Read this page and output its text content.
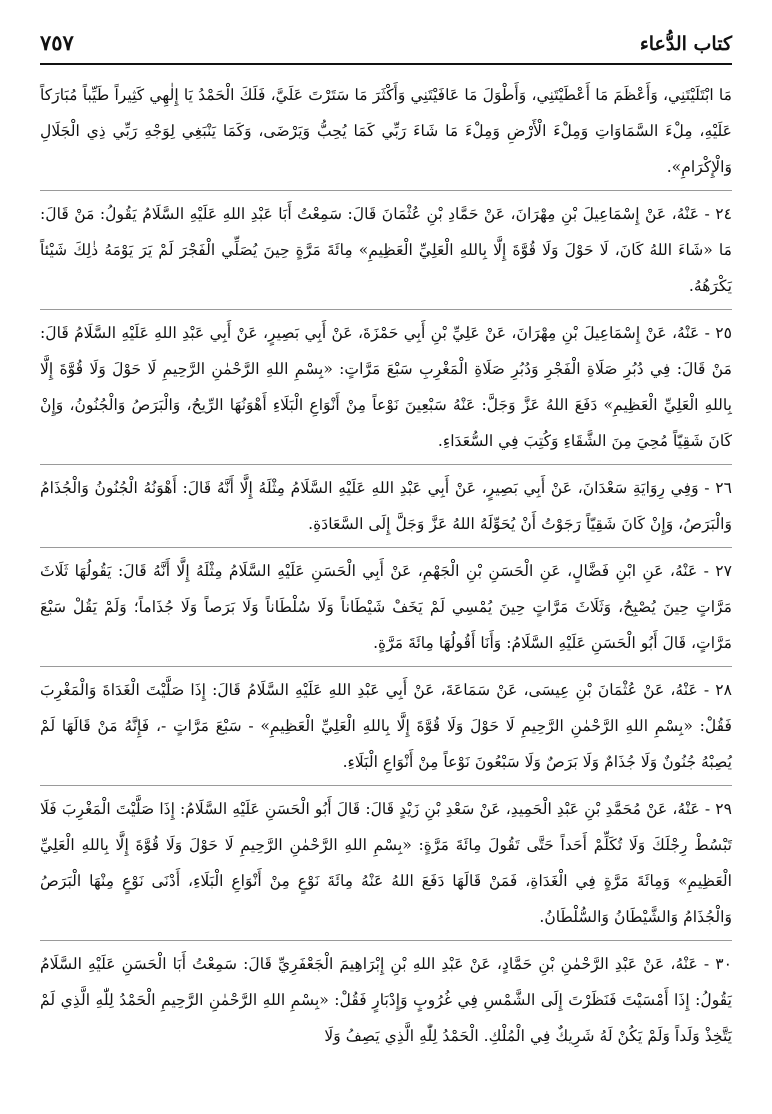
كتاب الدُّعاء
٧٥٧

مَا ابْتَلَيْتَنِي، وَأَعْظَمَ مَا أَعْطَيْتَنِي، وَأَطْوَلَ مَا عَافَيْتَنِي وَأَكْثَرَ مَا سَتَرْتَ عَلَيَّ، فَلَكَ الْحَمْدُ يَا إِلٰهِي كَثِيراً طَيِّباً مُبَارَكاً عَلَيْهِ، مِلْءَ السَّمَاوَاتِ وَمِلْءَ الْأَرْضِ وَمِلْءَ مَا شَاءَ رَبِّي كَمَا يُحِبُّ وَيَرْضَى، وَكَمَا يَنْبَغِي لِوَجْهِ رَبِّي ذِي الْجَلَالِ وَالْإِكْرَامِ».

٢٤ - عَنْهُ، عَنْ إِسْمَاعِيلَ بْنِ مِهْرَانَ، عَنْ حَمَّادِ بْنِ عُثْمَانَ قَالَ: سَمِعْتُ أَبَا عَبْدِ اللهِ عَلَيْهِ السَّلَامُ يَقُولُ: مَنْ قَالَ: مَا «شَاءَ اللهُ كَانَ، لَا حَوْلَ وَلَا قُوَّةَ إِلَّا بِاللهِ الْعَلِيِّ الْعَظِيمِ» مِائَةَ مَرَّةٍ حِينَ يُصَلِّي الْفَجْرَ لَمْ يَرَ يَوْمَهُ ذٰلِكَ شَيْئاً يَكْرَهُهُ.

٢٥ - عَنْهُ، عَنْ إِسْمَاعِيلَ بْنِ مِهْرَانَ، عَنْ عَلِيِّ بْنِ أَبِي حَمْزَةَ، عَنْ أَبِي بَصِيرٍ، عَنْ أَبِي عَبْدِ اللهِ عَلَيْهِ السَّلَامُ قَالَ: مَنْ قَالَ: فِي دُبُرِ صَلَاةِ الْفَجْرِ وَدُبُرِ صَلَاةِ الْمَغْرِبِ سَبْعَ مَرَّاتٍ: «بِسْمِ اللهِ الرَّحْمٰنِ الرَّحِيمِ لَا حَوْلَ وَلَا قُوَّةَ إِلَّا بِاللهِ الْعَلِيِّ الْعَظِيمِ» دَفَعَ اللهُ عَزَّ وَجَلَّ: عَنْهُ سَبْعِينَ نَوْعاً مِنْ أَنْوَاعِ الْبَلَاءِ أَهْوَنُهَا الرِّيحُ، وَالْبَرَصُ وَالْجُنُونُ، وَإِنْ كَانَ شَقِيّاً مُحِيَ مِنَ الشَّقَاءِ وَكُتِبَ فِي السُّعَدَاءِ.

٢٦ - وَفِي رِوَايَةِ سَعْدَانَ، عَنْ أَبِي بَصِيرٍ، عَنْ أَبِي عَبْدِ اللهِ عَلَيْهِ السَّلَامُ مِثْلَهُ إِلَّا أَنَّهُ قَالَ: أَهْوَنُهُ الْجُنُونُ وَالْجُذَامُ وَالْبَرَصُ، وَإِنْ كَانَ شَقِيّاً رَجَوْتُ أَنْ يُحَوِّلَهُ اللهُ عَزَّ وَجَلَّ إِلَى السَّعَادَةِ.

٢٧ - عَنْهُ، عَنِ ابْنِ فَضَّالٍ، عَنِ الْحَسَنِ بْنِ الْجَهْمِ، عَنْ أَبِي الْحَسَنِ عَلَيْهِ السَّلَامُ مِثْلَهُ إِلَّا أَنَّهُ قَالَ: يَقُولُهَا ثَلَاثَ مَرَّاتٍ حِينَ يُصْبِحُ، وَثَلَاثَ مَرَّاتٍ حِينَ يُمْسِي لَمْ يَخَفْ شَيْطَاناً وَلَا سُلْطَاناً وَلَا بَرَصاً وَلَا جُذَاماً؛ وَلَمْ يَقُلْ سَبْعَ مَرَّاتٍ، قَالَ أَبُو الْحَسَنِ عَلَيْهِ السَّلَامُ: وَأَنَا أَقُولُهَا مِائَةَ مَرَّةٍ.

٢٨ - عَنْهُ، عَنْ عُثْمَانَ بْنِ عِيسَى، عَنْ سَمَاعَةَ، عَنْ أَبِي عَبْدِ اللهِ عَلَيْهِ السَّلَامُ قَالَ: إِذَا صَلَّيْتَ الْغَدَاةَ وَالْمَغْرِبَ فَقُلْ: «بِسْمِ اللهِ الرَّحْمٰنِ الرَّحِيمِ لَا حَوْلَ وَلَا قُوَّةَ إِلَّا بِاللهِ الْعَلِيِّ الْعَظِيمِ» - سَبْعَ مَرَّاتٍ -، فَإِنَّهُ مَنْ قَالَهَا لَمْ يُصِبْهُ جُنُونٌ وَلَا جُذَامٌ وَلَا بَرَصٌ وَلَا سَبْعُونَ نَوْعاً مِنْ أَنْوَاعِ الْبَلَاءِ.

٢٩ - عَنْهُ، عَنْ مُحَمَّدِ بْنِ عَبْدِ الْحَمِيدِ، عَنْ سَعْدِ بْنِ زَيْدٍ قَالَ: قَالَ أَبُو الْحَسَنِ عَلَيْهِ السَّلَامُ: إِذَا صَلَّيْتَ الْمَغْرِبَ فَلَا تَبْسُطْ رِجْلَكَ وَلَا تُكَلِّمْ أَحَداً حَتَّى تَقُولَ مِائَةَ مَرَّةٍ: «بِسْمِ اللهِ الرَّحْمٰنِ الرَّحِيمِ لَا حَوْلَ وَلَا قُوَّةَ إِلَّا بِاللهِ الْعَلِيِّ الْعَظِيمِ» وَمِائَةَ مَرَّةٍ فِي الْغَدَاةِ، فَمَنْ قَالَهَا دَفَعَ اللهُ عَنْهُ مِائَةَ نَوْعٍ مِنْ أَنْوَاعِ الْبَلَاءِ، أَدْنَى نَوْعٍ مِنْهَا الْبَرَصُ وَالْجُذَامُ وَالشَّيْطَانُ وَالسُّلْطَانُ.

٣٠ - عَنْهُ، عَنْ عَبْدِ الرَّحْمٰنِ بْنِ حَمَّادٍ، عَنْ عَبْدِ اللهِ بْنِ إِبْرَاهِيمَ الْجَعْفَرِيِّ قَالَ: سَمِعْتُ أَبَا الْحَسَنِ عَلَيْهِ السَّلَامُ يَقُولُ: إِذَا أَمْسَيْتَ فَنَظَرْتَ إِلَى الشَّمْسِ فِي غُرُوبٍ وَإِدْبَارٍ فَقُلْ: «بِسْمِ اللهِ الرَّحْمٰنِ الرَّحِيمِ الْحَمْدُ لِلّٰهِ الَّذِي لَمْ يَتَّخِذْ وَلَداً وَلَمْ يَكُنْ لَهُ شَرِيكٌ فِي الْمُلْكِ. الْحَمْدُ لِلّٰهِ الَّذِي يَصِفُ وَلَا
